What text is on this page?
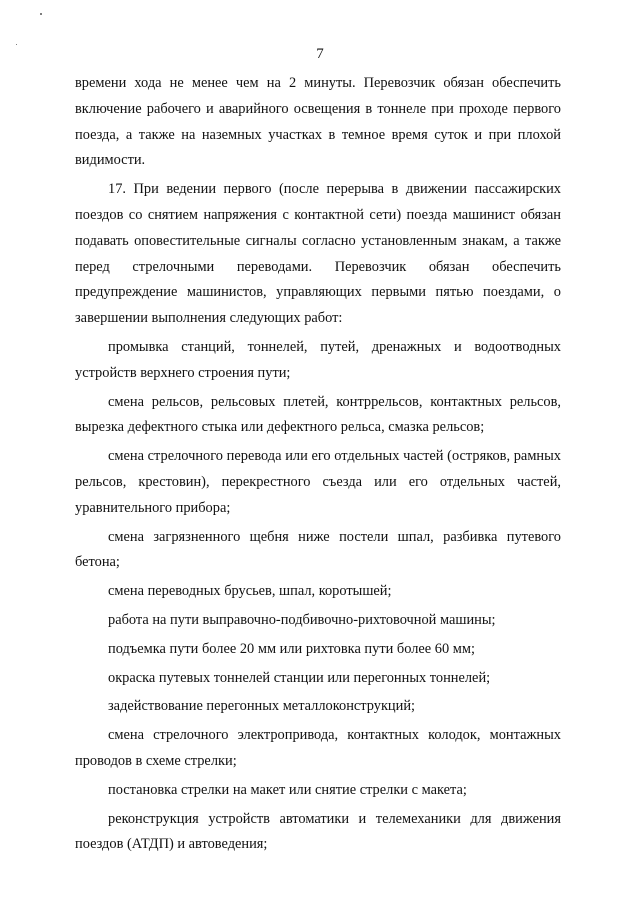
7

времени хода не менее чем на 2 минуты. Перевозчик обязан обеспечить включение рабочего и аварийного освещения в тоннеле при проходе первого поезда, а также на наземных участках в темное время суток и при плохой видимости.

17. При ведении первого (после перерыва в движении пассажирских поездов со снятием напряжения с контактной сети) поезда машинист обязан подавать оповестительные сигналы согласно установленным знакам, а также перед стрелочными переводами. Перевозчик обязан обеспечить предупреждение машинистов, управляющих первыми пятью поездами, о завершении выполнения следующих работ:

промывка станций, тоннелей, путей, дренажных и водоотводных устройств верхнего строения пути;

смена рельсов, рельсовых плетей, контррельсов, контактных рельсов, вырезка дефектного стыка или дефектного рельса, смазка рельсов;

смена стрелочного перевода или его отдельных частей (остряков, рамных рельсов, крестовин), перекрестного съезда или его отдельных частей, уравнительного прибора;

смена загрязненного щебня ниже постели шпал, разбивка путевого бетона;

смена переводных брусьев, шпал, коротышей;

работа на пути выправочно-подбивочно-рихтовочной машины;

подъемка пути более 20 мм или рихтовка пути более 60 мм;

окраска путевых тоннелей станции или перегонных тоннелей;

задействование перегонных металлоконструкций;

смена стрелочного электропривода, контактных колодок, монтажных проводов в схеме стрелки;

постановка стрелки на макет или снятие стрелки с макета;

реконструкция устройств автоматики и телемеханики для движения поездов (АТДП) и автоведения;
